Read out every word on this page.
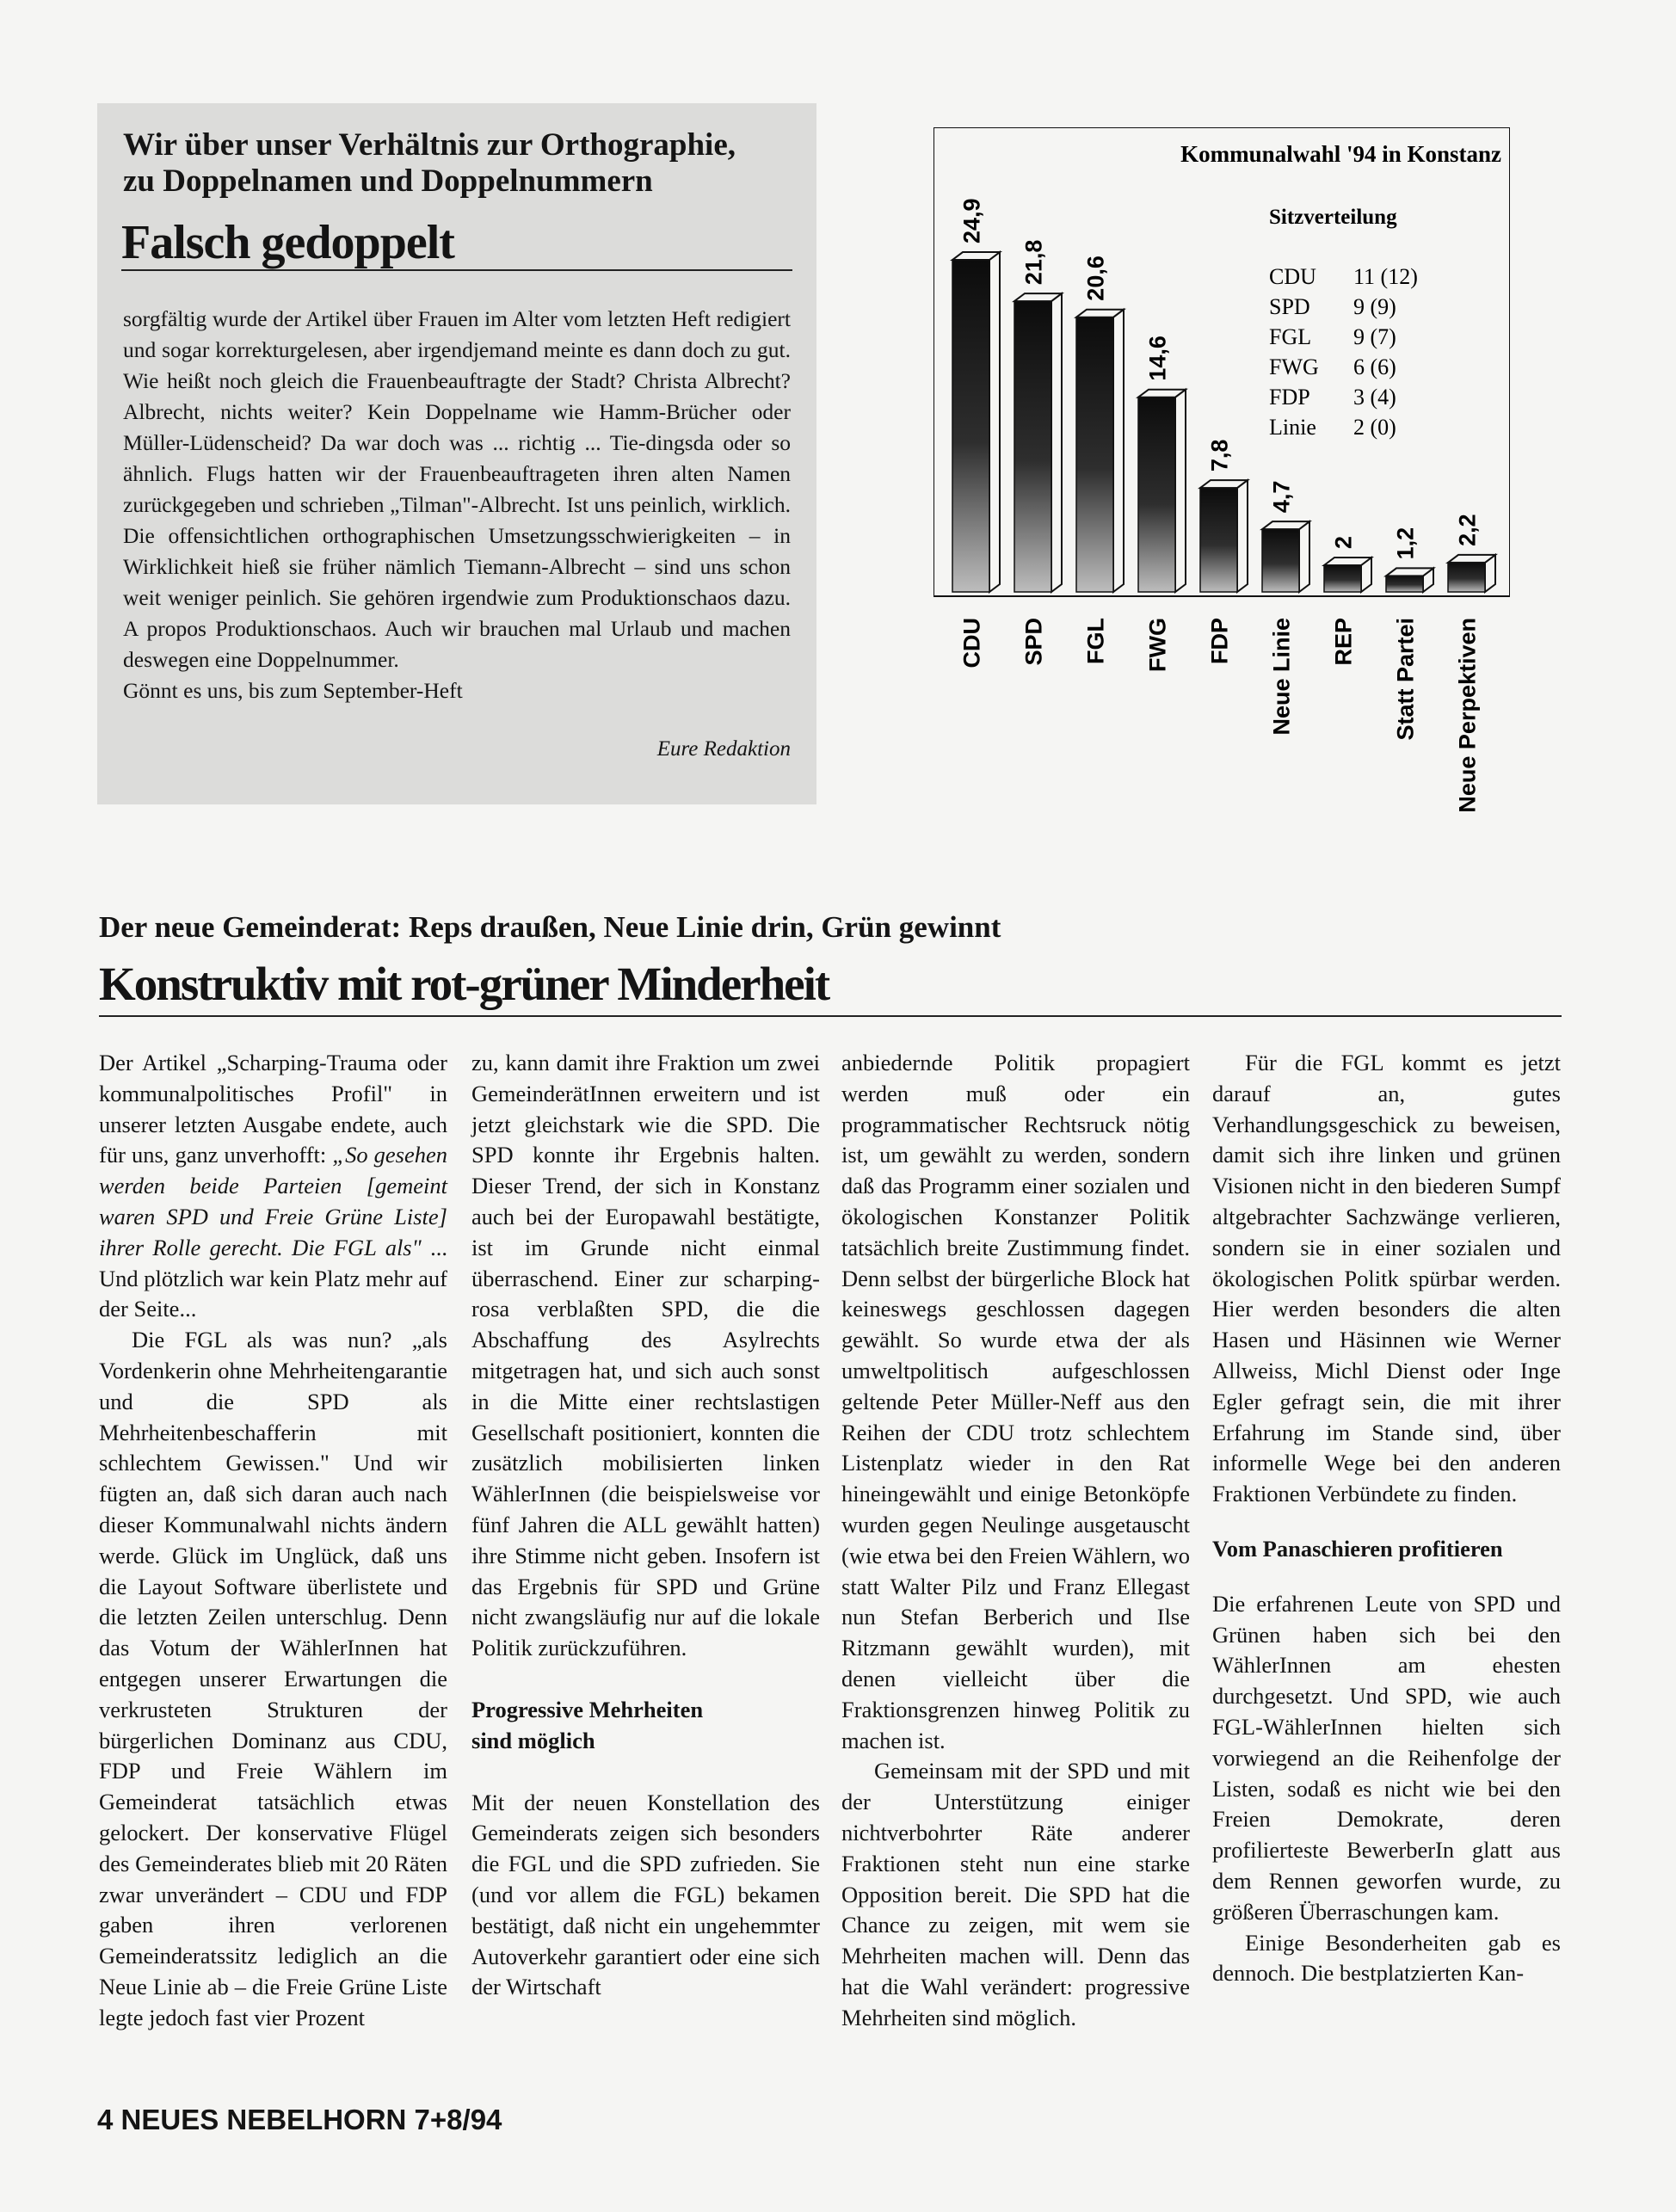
Wir über unser Verhältnis zur Orthographie,
zu Doppelnamen und Doppelnummern
Falsch gedoppelt
sorgfältig wurde der Artikel über Frauen im Alter vom letzten Heft redigiert und sogar korrekturgelesen, aber irgendjemand meinte es dann doch zu gut. Wie heißt noch gleich die Frauenbeauftragte der Stadt? Christa Albrecht? Albrecht, nichts weiter? Kein Doppelname wie Hamm-Brücher oder Müller-Lüdenscheid? Da war doch was ... richtig ... Tie-dingsda oder so ähnlich. Flugs hatten wir der Frauenbeauftrageten ihren alten Namen zurückgegeben und schrieben „Tilman"-Albrecht. Ist uns peinlich, wirklich. Die offensichtlichen orthographischen Umsetzungsschwierigkeiten – in Wirklichkeit hieß sie früher nämlich Tiemann-Albrecht – sind uns schon weit weniger peinlich. Sie gehören irgendwie zum Produktionschaos dazu. A propos Produktionschaos. Auch wir brauchen mal Urlaub und machen deswegen eine Doppelnummer.
Gönnt es uns, bis zum September-Heft
Eure Redaktion
Kommunalwahl '94 in Konstanz
Sitzverteilung
CDU 11 (12)
SPD 9 (9)
FGL 9 (7)
FWG 6 (6)
FDP 3 (4)
Linie 2 (0)
24,9
CDU
21,8
SPD
20,6
FGL
14,6
FWG
7,8
FDP
4,7
Neue Linie
2
REP
1,2
Statt Partei
2,2
Neue Perpektiven
Der neue Gemeinderat: Reps draußen, Neue Linie drin, Grün gewinnt
Konstruktiv mit rot-grüner Minderheit

Der Artikel „Scharping-Trauma oder kommunalpolitisches Profil" in unserer letzten Ausgabe endete, auch für uns, ganz unverhofft: „So gesehen werden beide Parteien [gemeint waren SPD und Freie Grüne Liste] ihrer Rolle gerecht. Die FGL als" ... Und plötzlich war kein Platz mehr auf der Seite...

Die FGL als was nun? „als Vordenkerin ohne Mehrheitengarantie und die SPD als Mehrheitenbeschafferin mit schlechtem Gewissen." Und wir fügten an, daß sich daran auch nach dieser Kommunalwahl nichts ändern werde. Glück im Unglück, daß uns die Layout Software überlistete und die letzten Zeilen unterschlug. Denn das Votum der WählerInnen hat entgegen unserer Erwartungen die verkrusteten Strukturen der bürgerlichen Dominanz aus CDU, FDP und Freie Wählern im Gemeinderat tatsächlich etwas gelockert. Der konservative Flügel des Gemeinderates blieb mit 20 Räten zwar unverändert – CDU und FDP gaben ihren verlorenen Gemeinderatssitz lediglich an die Neue Linie ab – die Freie Grüne Liste legte jedoch fast vier Prozent

zu, kann damit ihre Fraktion um zwei GemeinderätInnen erweitern und ist jetzt gleichstark wie die SPD. Die SPD konnte ihr Ergebnis halten. Dieser Trend, der sich in Konstanz auch bei der Europawahl bestätigte, ist im Grunde nicht einmal überraschend. Einer zur scharping-rosa verblaßten SPD, die die Abschaffung des Asylrechts mitgetragen hat, und sich auch sonst in die Mitte einer rechtslastigen Gesellschaft positioniert, konnten die zusätzlich mobilisierten linken WählerInnen (die beispielsweise vor fünf Jahren die ALL gewählt hatten) ihre Stimme nicht geben. Insofern ist das Ergebnis für SPD und Grüne nicht zwangsläufig nur auf die lokale Politik zurückzuführen.

Progressive Mehrheiten
sind möglich

Mit der neuen Konstellation des Gemeinderats zeigen sich besonders die FGL und die SPD zufrieden. Sie (und vor allem die FGL) bekamen bestätigt, daß nicht ein ungehemmter Autoverkehr garantiert oder eine sich der Wirtschaft

anbiedernde Politik propagiert werden muß oder ein programmatischer Rechtsruck nötig ist, um gewählt zu werden, sondern daß das Programm einer sozialen und ökologischen Konstanzer Politik tatsächlich breite Zustimmung findet. Denn selbst der bürgerliche Block hat keineswegs geschlossen dagegen gewählt. So wurde etwa der als umweltpolitisch aufgeschlossen geltende Peter Müller-Neff aus den Reihen der CDU trotz schlechtem Listenplatz wieder in den Rat hineingewählt und einige Betonköpfe wurden gegen Neulinge ausgetauscht (wie etwa bei den Freien Wählern, wo statt Walter Pilz und Franz Ellegast nun Stefan Berberich und Ilse Ritzmann gewählt wurden), mit denen vielleicht über die Fraktionsgrenzen hinweg Politik zu machen ist.

Gemeinsam mit der SPD und mit der Unterstützung einiger nichtverbohrter Räte anderer Fraktionen steht nun eine starke Opposition bereit. Die SPD hat die Chance zu zeigen, mit wem sie Mehrheiten machen will. Denn das hat die Wahl verändert: progressive Mehrheiten sind möglich.

Für die FGL kommt es jetzt darauf an, gutes Verhandlungsgeschick zu beweisen, damit sich ihre linken und grünen Visionen nicht in den biederen Sumpf altgebrachter Sachzwänge verlieren, sondern sie in einer sozialen und ökologischen Politk spürbar werden. Hier werden besonders die alten Hasen und Häsinnen wie Werner Allweiss, Michl Dienst oder Inge Egler gefragt sein, die mit ihrer Erfahrung im Stande sind, über informelle Wege bei den anderen Fraktionen Verbündete zu finden.

Vom Panaschieren profitieren

Die erfahrenen Leute von SPD und Grünen haben sich bei den WählerInnen am ehesten durchgesetzt. Und SPD, wie auch FGL-WählerInnen hielten sich vorwiegend an die Reihenfolge der Listen, sodaß es nicht wie bei den Freien Demokrate, deren profiliertestе BewerberIn glatt aus dem Rennen geworfen wurde, zu größeren Überraschungen kam.

Einige Besonderheiten gab es dennoch. Die bestplatzierten Kan-

4 NEUES NEBELHORN 7+8/94
